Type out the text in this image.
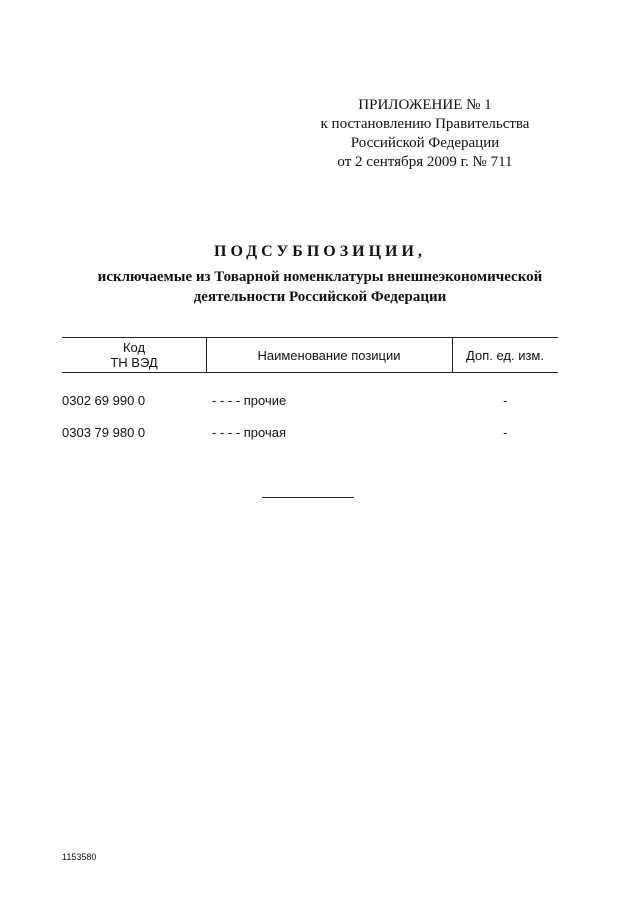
ПРИЛОЖЕНИЕ № 1
к постановлению Правительства
Российской Федерации
от 2 сентября 2009 г. № 711
ПОДСУБПОЗИЦИИ,
исключаемые из Товарной номенклатуры внешнеэкономической
деятельности Российской Федерации
Код
ТН ВЭД	Наименование позиции	Доп. ед. изм.
0302 69 990 0	- - - - прочие	-
0303 79 980 0	- - - - прочая	-
1153580
